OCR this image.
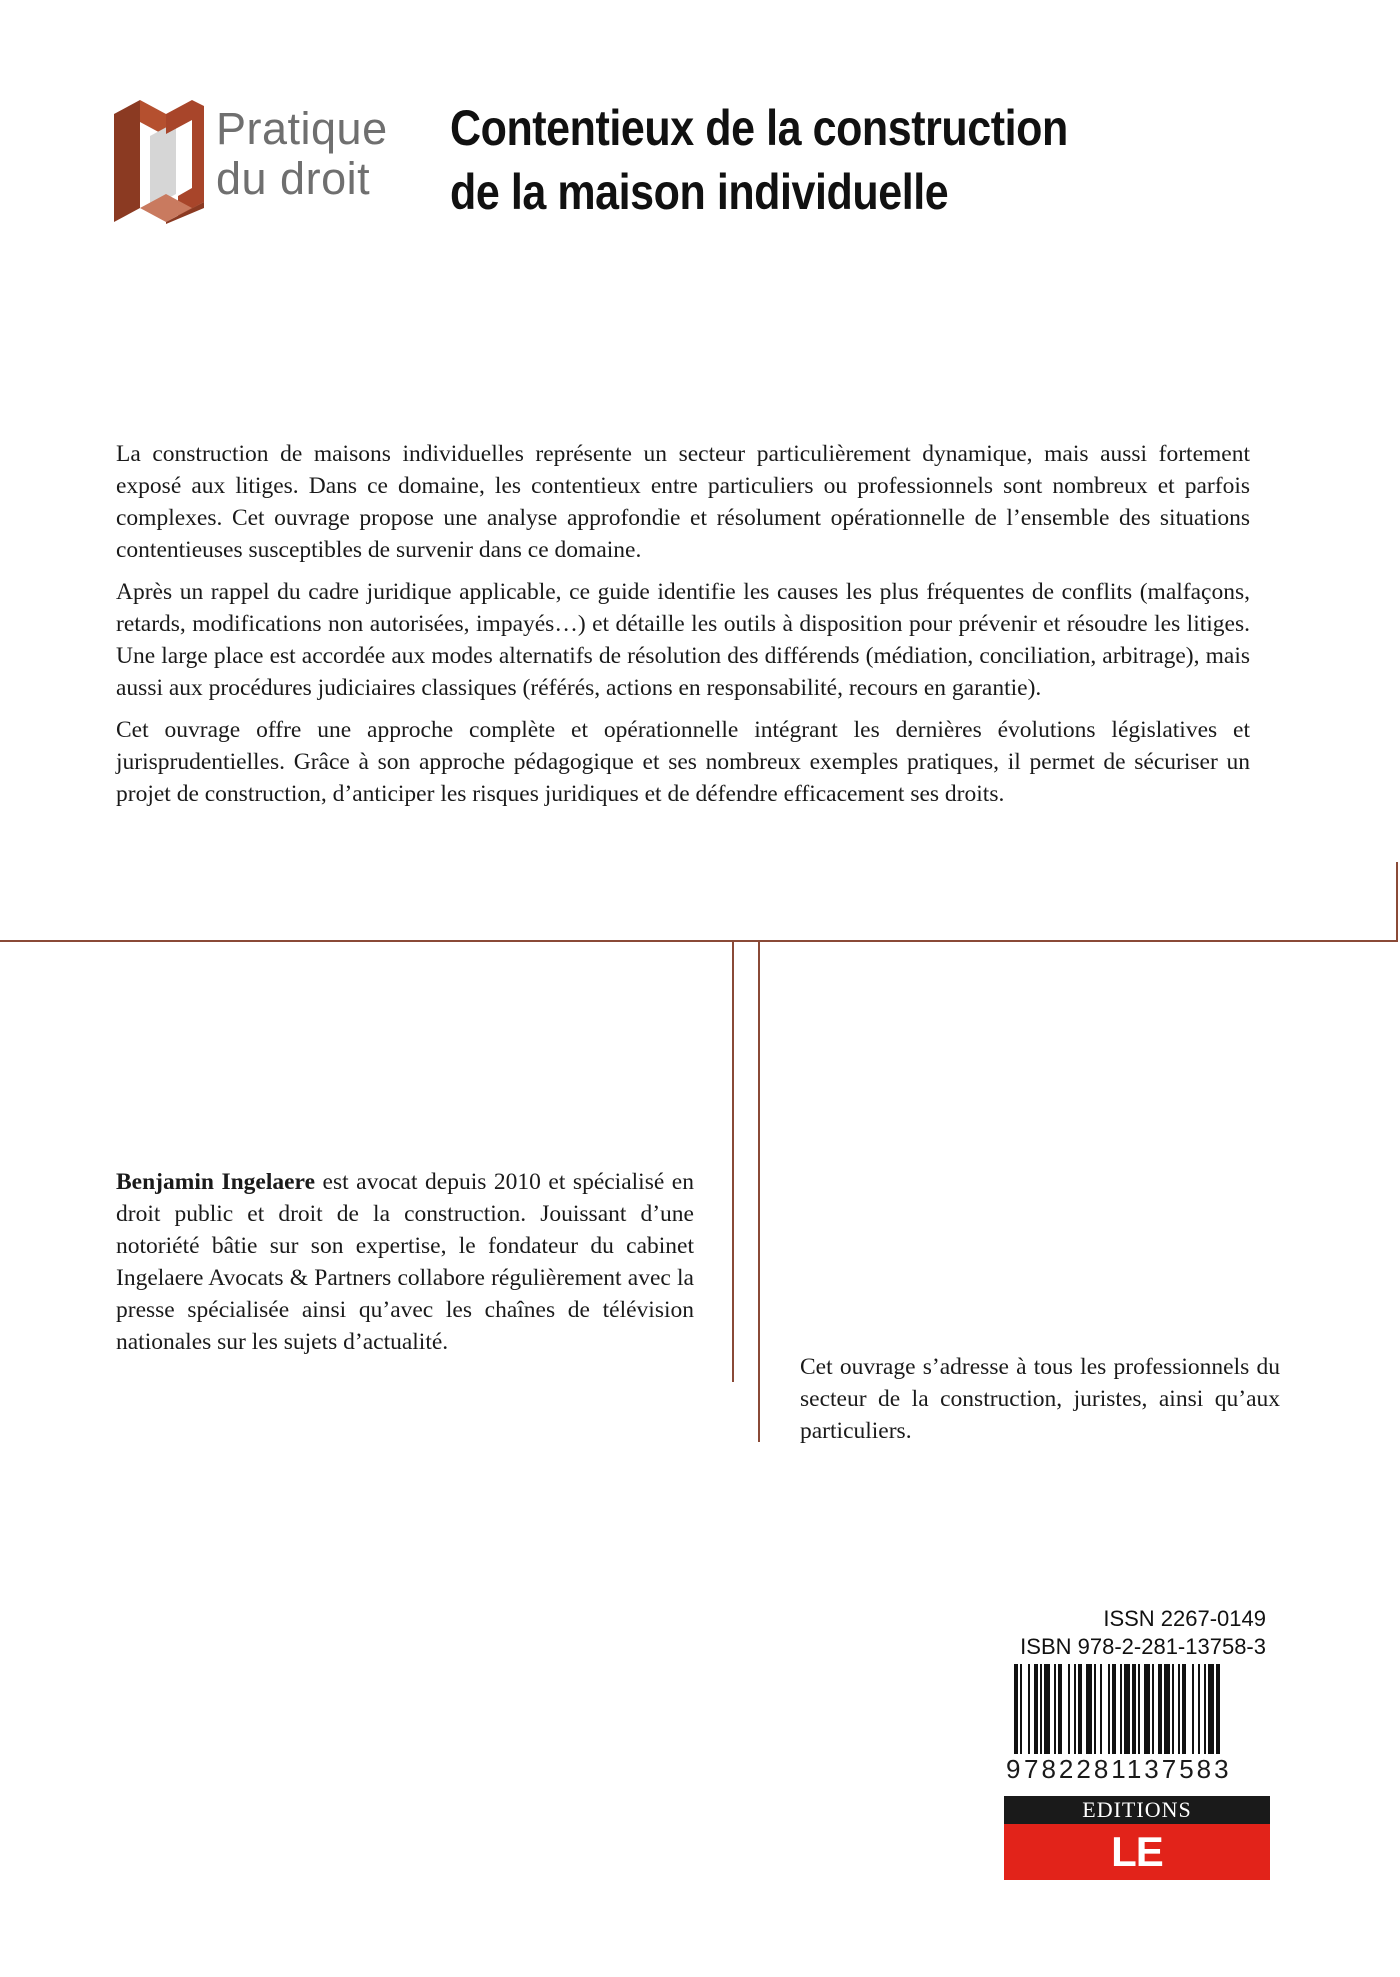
Pratique
du droit
Contentieux de la construction
de la maison individuelle

La construction de maisons individuelles représente un secteur particulièrement dynamique, mais aussi fortement exposé aux litiges. Dans ce domaine, les contentieux entre particuliers ou professionnels sont nombreux et parfois complexes. Cet ouvrage propose une analyse approfondie et résolument opérationnelle de l’ensemble des situations contentieuses susceptibles de survenir dans ce domaine.

Après un rappel du cadre juridique applicable, ce guide identifie les causes les plus fréquentes de conflits (malfaçons, retards, modifications non autorisées, impayés…) et détaille les outils à disposition pour prévenir et résoudre les litiges. Une large place est accordée aux modes alternatifs de résolution des différends (médiation, conciliation, arbitrage), mais aussi aux procédures judiciaires classiques (référés, actions en responsabilité, recours en garantie).

Cet ouvrage offre une approche complète et opérationnelle intégrant les dernières évolutions législatives et jurisprudentielles. Grâce à son approche pédagogique et ses nombreux exemples pratiques, il permet de sécuriser un projet de construction, d’anticiper les risques juridiques et de défendre efficacement ses droits.

Benjamin Ingelaere est avocat depuis 2010 et spécialisé en droit public et droit de la construction. Jouissant d’une notoriété bâtie sur son expertise, le fondateur du cabinet Ingelaere Avocats & Partners collabore régulièrement avec la presse spécialisée ainsi qu’avec les chaînes de télévision nationales sur les sujets d’actualité.

Cet ouvrage s’adresse à tous les professionnels du secteur de la construction, juristes, ainsi qu’aux particuliers.

ISSN 2267-0149
ISBN 978-2-281-13758-3
9782281137583
EDITIONS
LE MONITEUR
